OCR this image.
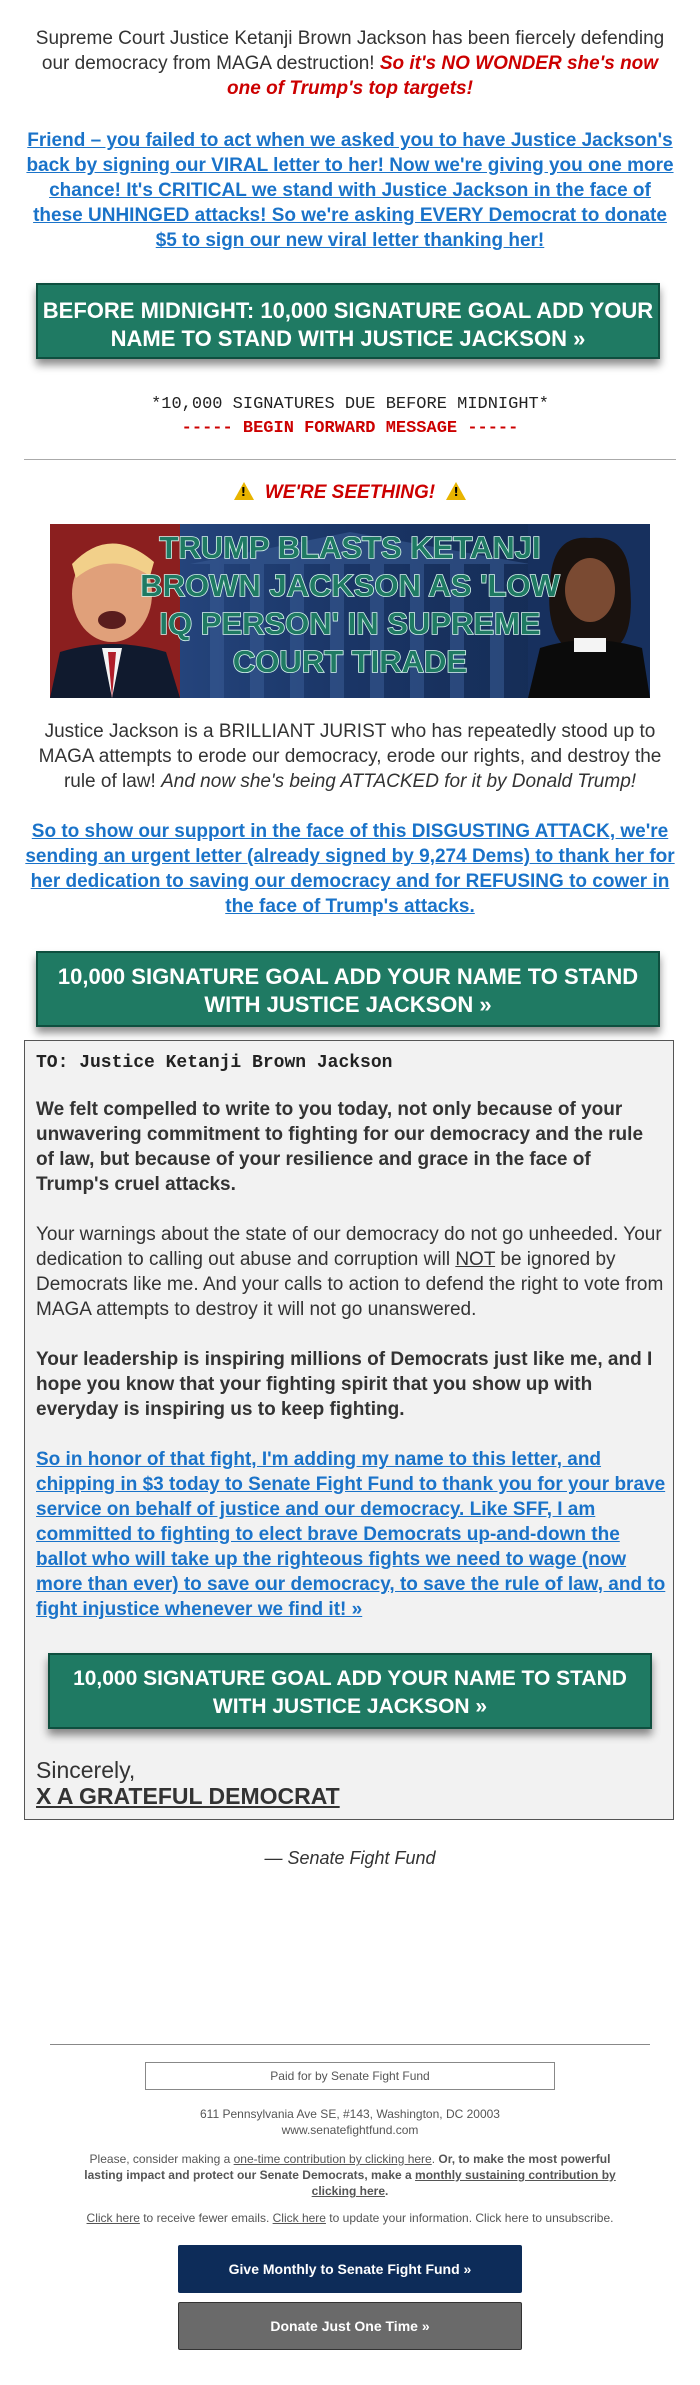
Supreme Court Justice Ketanji Brown Jackson has been fiercely defending our democracy from MAGA destruction! So it's NO WONDER she's now one of Trump's top targets!

Friend – you failed to act when we asked you to have Justice Jackson's back by signing our VIRAL letter to her! Now we're giving you one more chance! It's CRITICAL we stand with Justice Jackson in the face of these UNHINGED attacks! So we're asking EVERY Democrat to donate $5 to sign our new viral letter thanking her!

BEFORE MIDNIGHT: 10,000 SIGNATURE GOAL ADD YOUR NAME TO STAND WITH JUSTICE JACKSON »
*10,000 SIGNATURES DUE BEFORE MIDNIGHT*
----- BEGIN FORWARD MESSAGE -----
! WE'RE SEETHING! !
TRUMP BLASTS KETANJI
BROWN JACKSON AS 'LOW
IQ PERSON' IN SUPREME
COURT TIRADE

Justice Jackson is a BRILLIANT JURIST who has repeatedly stood up to MAGA attempts to erode our democracy, erode our rights, and destroy the rule of law! And now she's being ATTACKED for it by Donald Trump!

So to show our support in the face of this DISGUSTING ATTACK, we're sending an urgent letter (already signed by 9,274 Dems) to thank her for her dedication to saving our democracy and for REFUSING to cower in the face of Trump's attacks.

10,000 SIGNATURE GOAL ADD YOUR NAME TO STAND WITH JUSTICE JACKSON »
TO: Justice Ketanji Brown Jackson

We felt compelled to write to you today, not only because of your unwavering commitment to fighting for our democracy and the rule of law, but because of your resilience and grace in the face of Trump's cruel attacks.

Your warnings about the state of our democracy do not go unheeded. Your dedication to calling out abuse and corruption will NOT be ignored by Democrats like me. And your calls to action to defend the right to vote from MAGA attempts to destroy it will not go unanswered.

Your leadership is inspiring millions of Democrats just like me, and I hope you know that your fighting spirit that you show up with everyday is inspiring us to keep fighting.

So in honor of that fight, I'm adding my name to this letter, and chipping in $3 today to Senate Fight Fund to thank you for your brave service on behalf of justice and our democracy. Like SFF, I am committed to fighting to elect brave Democrats up-and-down the ballot who will take up the righteous fights we need to wage (now more than ever) to save our democracy, to save the rule of law, and to fight injustice whenever we find it! »

10,000 SIGNATURE GOAL ADD YOUR NAME TO STAND WITH JUSTICE JACKSON »
Sincerely,
X A GRATEFUL DEMOCRAT
— Senate Fight Fund
Paid for by Senate Fight Fund
611 Pennsylvania Ave SE, #143, Washington, DC 20003
www.senatefightfund.com
Please, consider making a one-time contribution by clicking here. Or, to make the most powerful lasting impact and protect our Senate Democrats, make a monthly sustaining contribution by clicking here.
Click here to receive fewer emails. Click here to update your information. Click here to unsubscribe.
Give Monthly to Senate Fight Fund »
Donate Just One Time »
